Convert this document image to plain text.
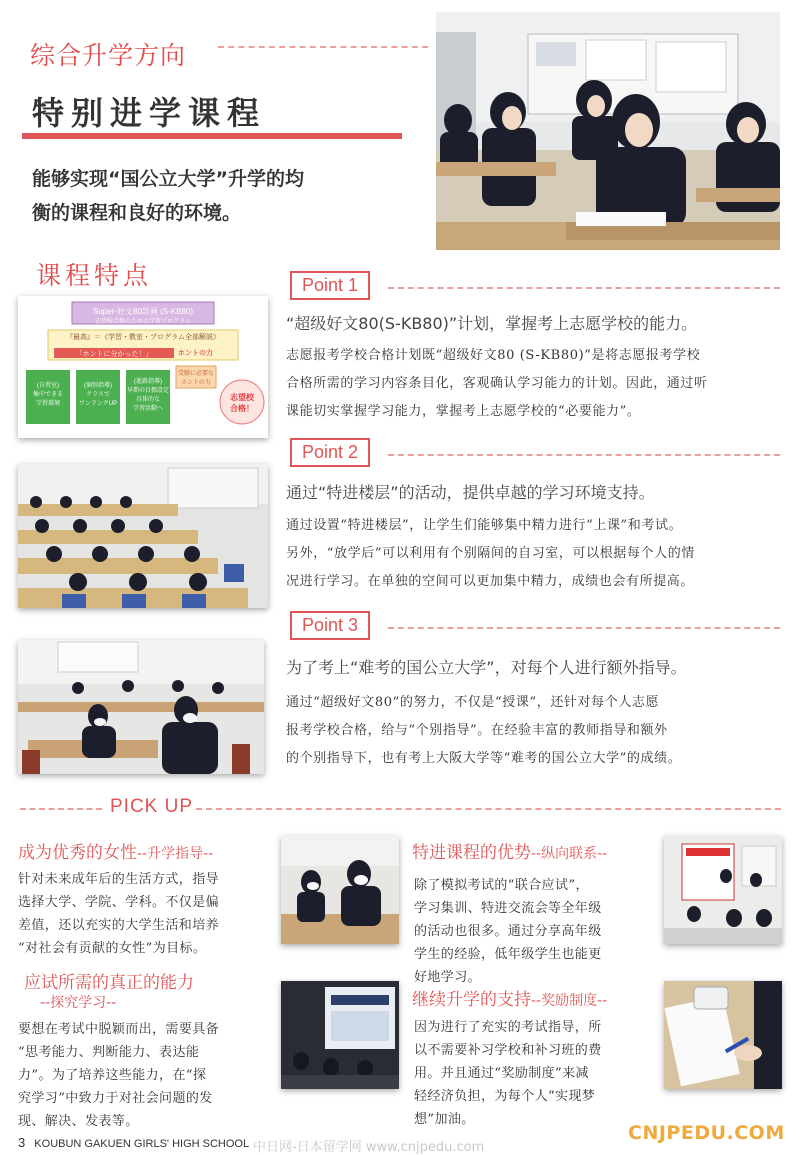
综合升学方向
特别进学课程
能够实现“国公立大学”升学的均
衡的课程和良好的环境。
课程特点
Super-好文80計画 (S-KB80)
志望校合格のための学習プログラム
『最高』＝《学習・教室・プログラム全部解説》
「ホントに分かった！」	ホントの力
(自習室)
集中できる
学習環境
(個別指導)
クラスで
ワンランクUP
(進路指導)
早期の目標設定
具体的な
学習活動へ
受験に必要な
ホントの力
志望校
合格！
Point 1
“超级好文80(S-KB80)”计划，掌握考上志愿学校的能力。
志愿报考学校合格计划既“超级好文80 (S-KB80)”是将志愿报考学校
合格所需的学习内容条目化，客观确认学习能力的计划。因此，通过听
课能切实掌握学习能力，掌握考上志愿学校的“必要能力”。
Point 2
通过“特进楼层”的活动，提供卓越的学习环境支持。
通过设置“特进楼层”，让学生们能够集中精力进行“上课”和考试。
另外，“放学后”可以利用有个别隔间的自习室，可以根据每个人的情
况进行学习。在单独的空间可以更加集中精力，成绩也会有所提高。
Point 3
为了考上“难考的国公立大学”，对每个人进行额外指导。
通过“超级好文80”的努力，不仅是“授课”，还针对每个人志愿
报考学校合格，给与“个别指导”。在经验丰富的教师指导和额外
的个别指导下，也有考上大阪大学等“难考的国公立大学”的成绩。
PICK UP
成为优秀的女性--升学指导--
针对未来成年后的生活方式，指导
选择大学、学院、学科。不仅是偏
差值，还以充实的大学生活和培养
“对社会有贡献的女性”为目标。
应试所需的真正的能力
--探究学习--
要想在考试中脱颖而出，需要具备
“思考能力、判断能力、表达能
力”。为了培养这些能力，在“探
究学习”中致力于对社会问题的发
现、解决、发表等。
特进课程的优势--纵向联系--
除了模拟考试的“联合应试”，
学习集训、特进交流会等全年级
的活动也很多。通过分享高年级
学生的经验，低年级学生也能更
好地学习。
继续升学的支持--奖励制度--
因为进行了充实的考试指导，所
以不需要补习学校和补习班的费
用。并且通过“奖励制度”来减
轻经济负担，为每个人“实现梦
想”加油。
3 KOUBUN GAKUEN GIRLS' HIGH SCHOOL 中日网-日本留学网 www.cnjpedu.com
CNJPEDU.COM
